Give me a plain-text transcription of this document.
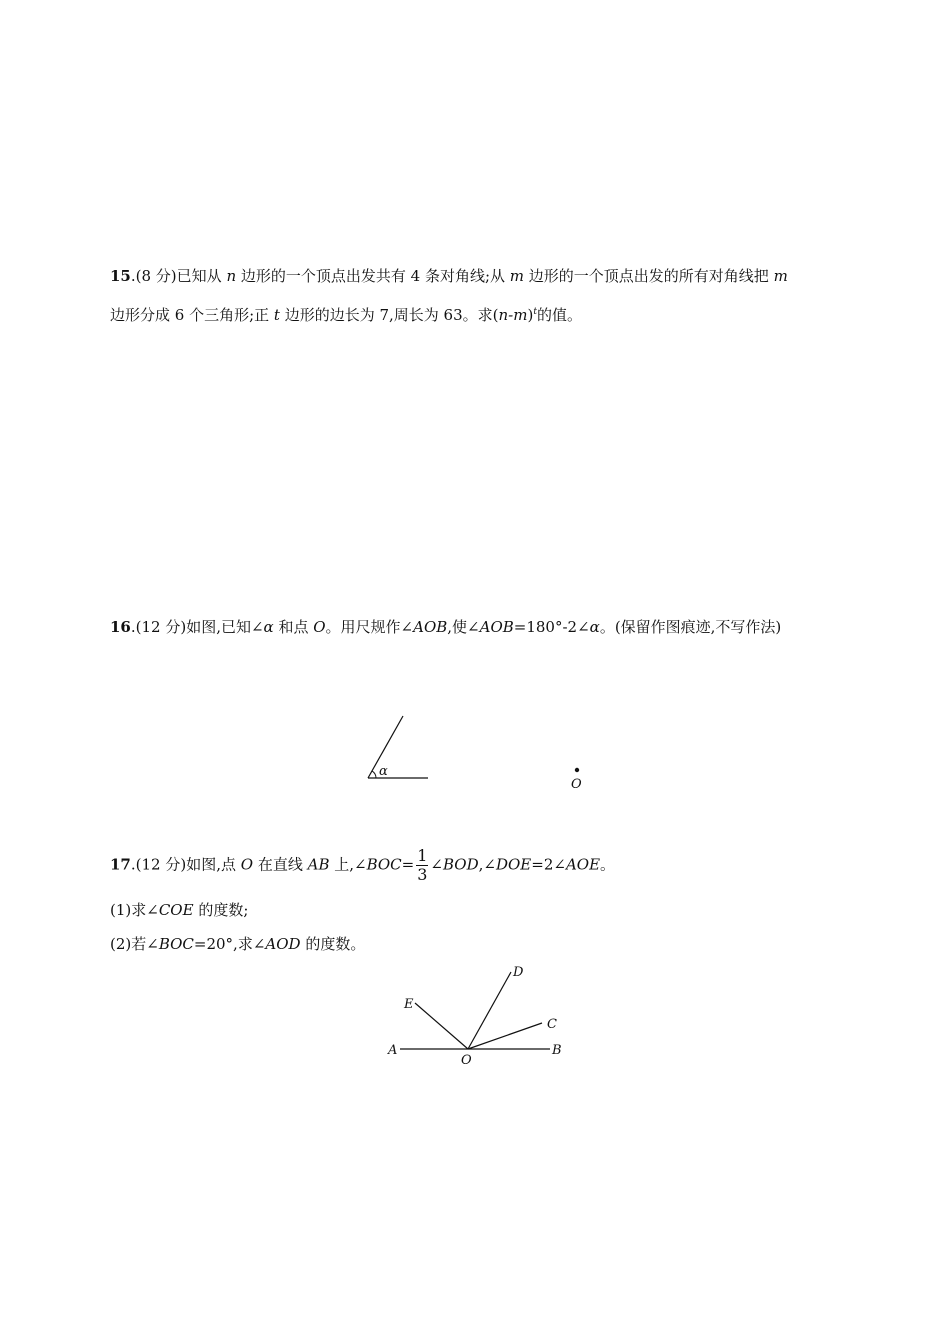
15.(8 分)已知从 n 边形的一个顶点出发共有 4 条对角线;从 m 边形的一个顶点出发的所有对角线把 m
边形分成 6 个三角形;正 t 边形的边长为 7,周长为 63。求$(n-m)^t$的值。
16.(12 分)如图,已知∠α 和点 O。用尺规作∠AOB,使∠AOB=180°-2∠α。(保留作图痕迹,不写作法)
α
O
17.(12 分)如图,点 O 在直线 AB 上,∠BOC= $\frac{1}{3}$ ∠BOD,∠DOE=2∠AOE。
(1)求∠COE 的度数;
(2)若∠BOC=20°,求∠AOD 的度数。
A	B
O
E
D
C
